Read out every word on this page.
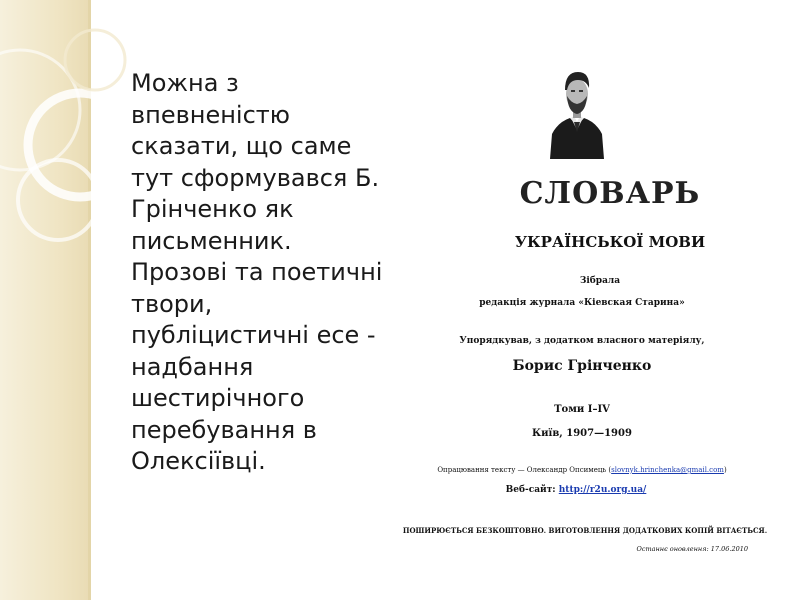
Можна з
впевненістю
сказати, що саме
тут сформувався Б.
Грінченко як
письменник.
Прозові та поетичні
твори,
публіцистичні есе -
надбання
шестирічного
перебування в
Олексіївці.
СЛОВАРЬ
УКРАЇНСЬКОЇ МОВИ
Зібрала
редакція журнала «Кіевская Старина»
Упорядкував, з додатком власного матеріялу,
Борис Грінченко
Томи I–IV
Київ, 1907—1909
Опрацювання тексту — Олександр Опсимець (slovnyk.hrinchenka@gmail.com)
Веб-сайт: http://r2u.org.ua/
ПОШИРЮЄТЬСЯ БЕЗКОШТОВНО. ВИГОТОВЛЕННЯ ДОДАТКОВИХ КОПІЙ ВІТАЄТЬСЯ.
Останнє оновлення: 17.06.2010
